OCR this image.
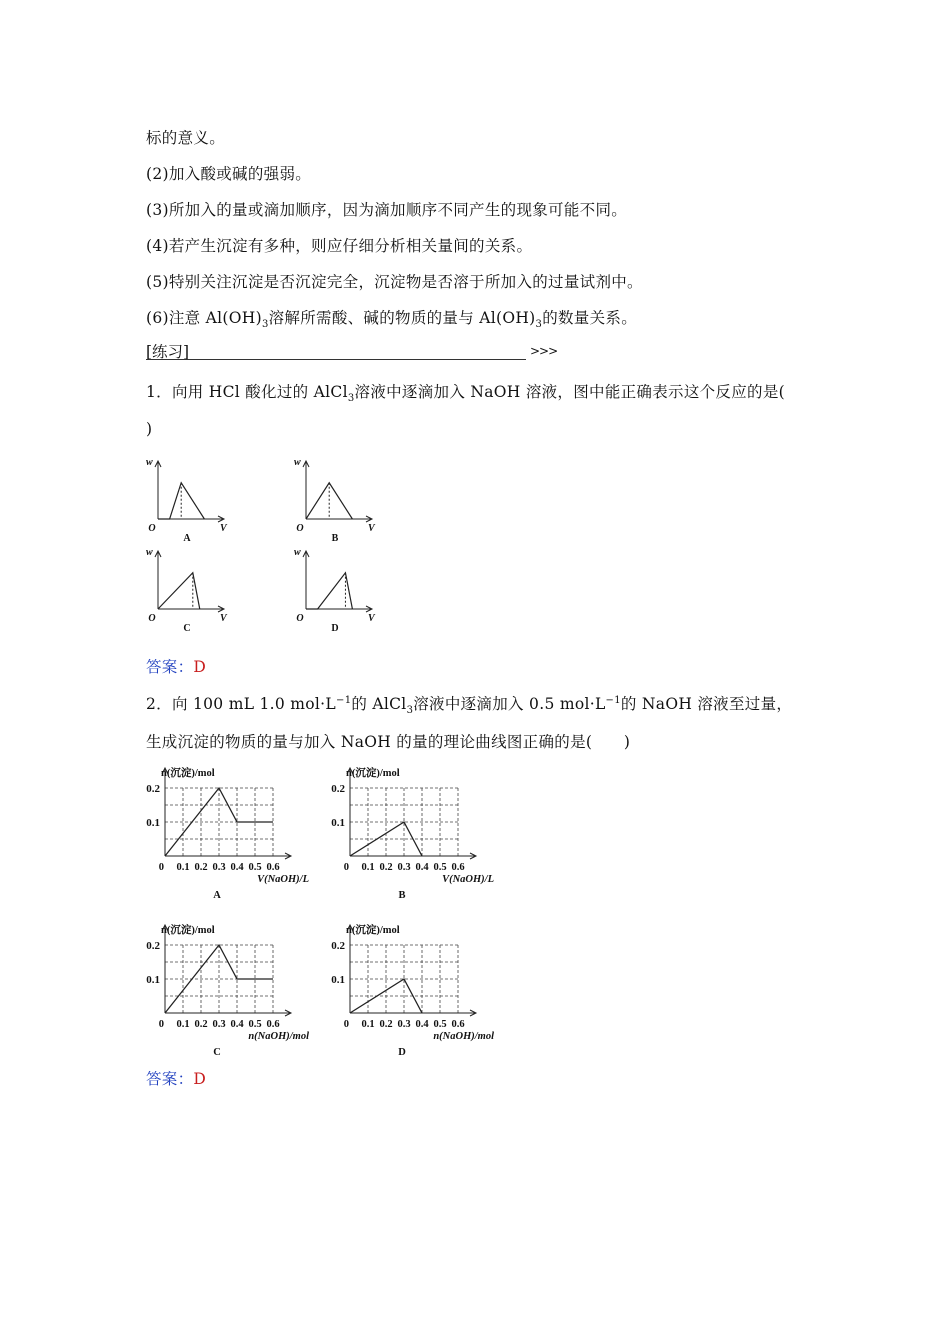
标的意义。
(2)加入酸或碱的强弱。
(3)所加入的量或滴加顺序，因为滴加顺序不同产生的现象可能不同。
(4)若产生沉淀有多种，则应仔细分析相关量间的关系。
(5)特别关注沉淀是否沉淀完全，沉淀物是否溶于所加入的过量试剂中。
(6)注意 $Al(OH)_3$溶解所需酸、碱的物质的量与 $Al(OH)_3$的数量关系。
[练习]	>>>
1．向用 HCl 酸化过的 AlCl$_3$溶液中逐滴加入 NaOH 溶液，图中能正确表示这个反应的是(
)
w
V
O
A
w
V
O
B
w
V
O
C
w
V
O
D
答案：D
2．向 100 mL 1.0 $mol\cdot L^{-1}$的 AlCl$_3$溶液中逐滴加入 0.5 $mol\cdot L^{-1}$的 NaOH 溶液至过量，
生成沉淀的物质的量与加入 NaOH 的量的理论曲线图正确的是(　　)
n(沉淀)/mol
0.1
0.2
0 0.1 0.2 0.3 0.4 0.5 0.6
V(NaOH)/L
A
n(沉淀)/mol
0.1
0.2
0 0.1 0.2 0.3 0.4 0.5 0.6
V(NaOH)/L
B
n(沉淀)/mol
0.1
0.2
0 0.1 0.2 0.3 0.4 0.5 0.6
n(NaOH)/mol
C
n(沉淀)/mol
0.1
0.2
0 0.1 0.2 0.3 0.4 0.5 0.6
n(NaOH)/mol
D
答案：D
